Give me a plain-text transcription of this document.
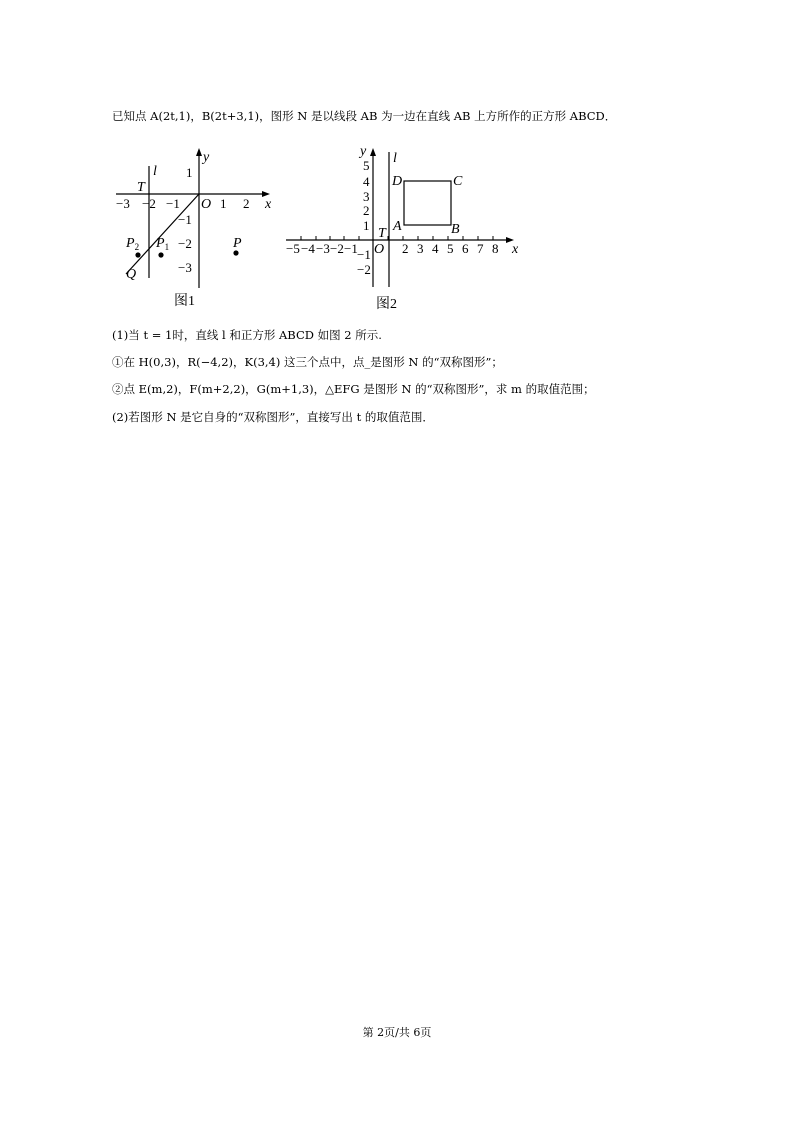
已知点 A(2t,1)，B(2t+3,1)，图形 N 是以线段 AB 为一边在直线 AB 上方所作的正方形 ABCD．
−3 −2 −1	1 2
1
−1
−2
−3
x
y
O
l
T
P
$P_1$
$P_2$
Q
图1
−5 −4 −3 −2 −1	2 3 4 5 6 7 8
5
4
3
2
1
−1
−2
x
y
O
l
T A	B
C
D
图2
(1)当 t = 1时，直线 l 和正方形 ABCD 如图 2 所示.
①在 H(0,3)，R(−4,2)，K(3,4) 这三个点中，点_是图形 N 的“双称图形”；
②点 E(m,2)，F(m+2,2)，G(m+1,3)，△EFG 是图形 N 的“双称图形”，求 m 的取值范围；
(2)若图形 N 是它自身的“双称图形”，直接写出 t 的取值范围．
第 2页/共 6页
